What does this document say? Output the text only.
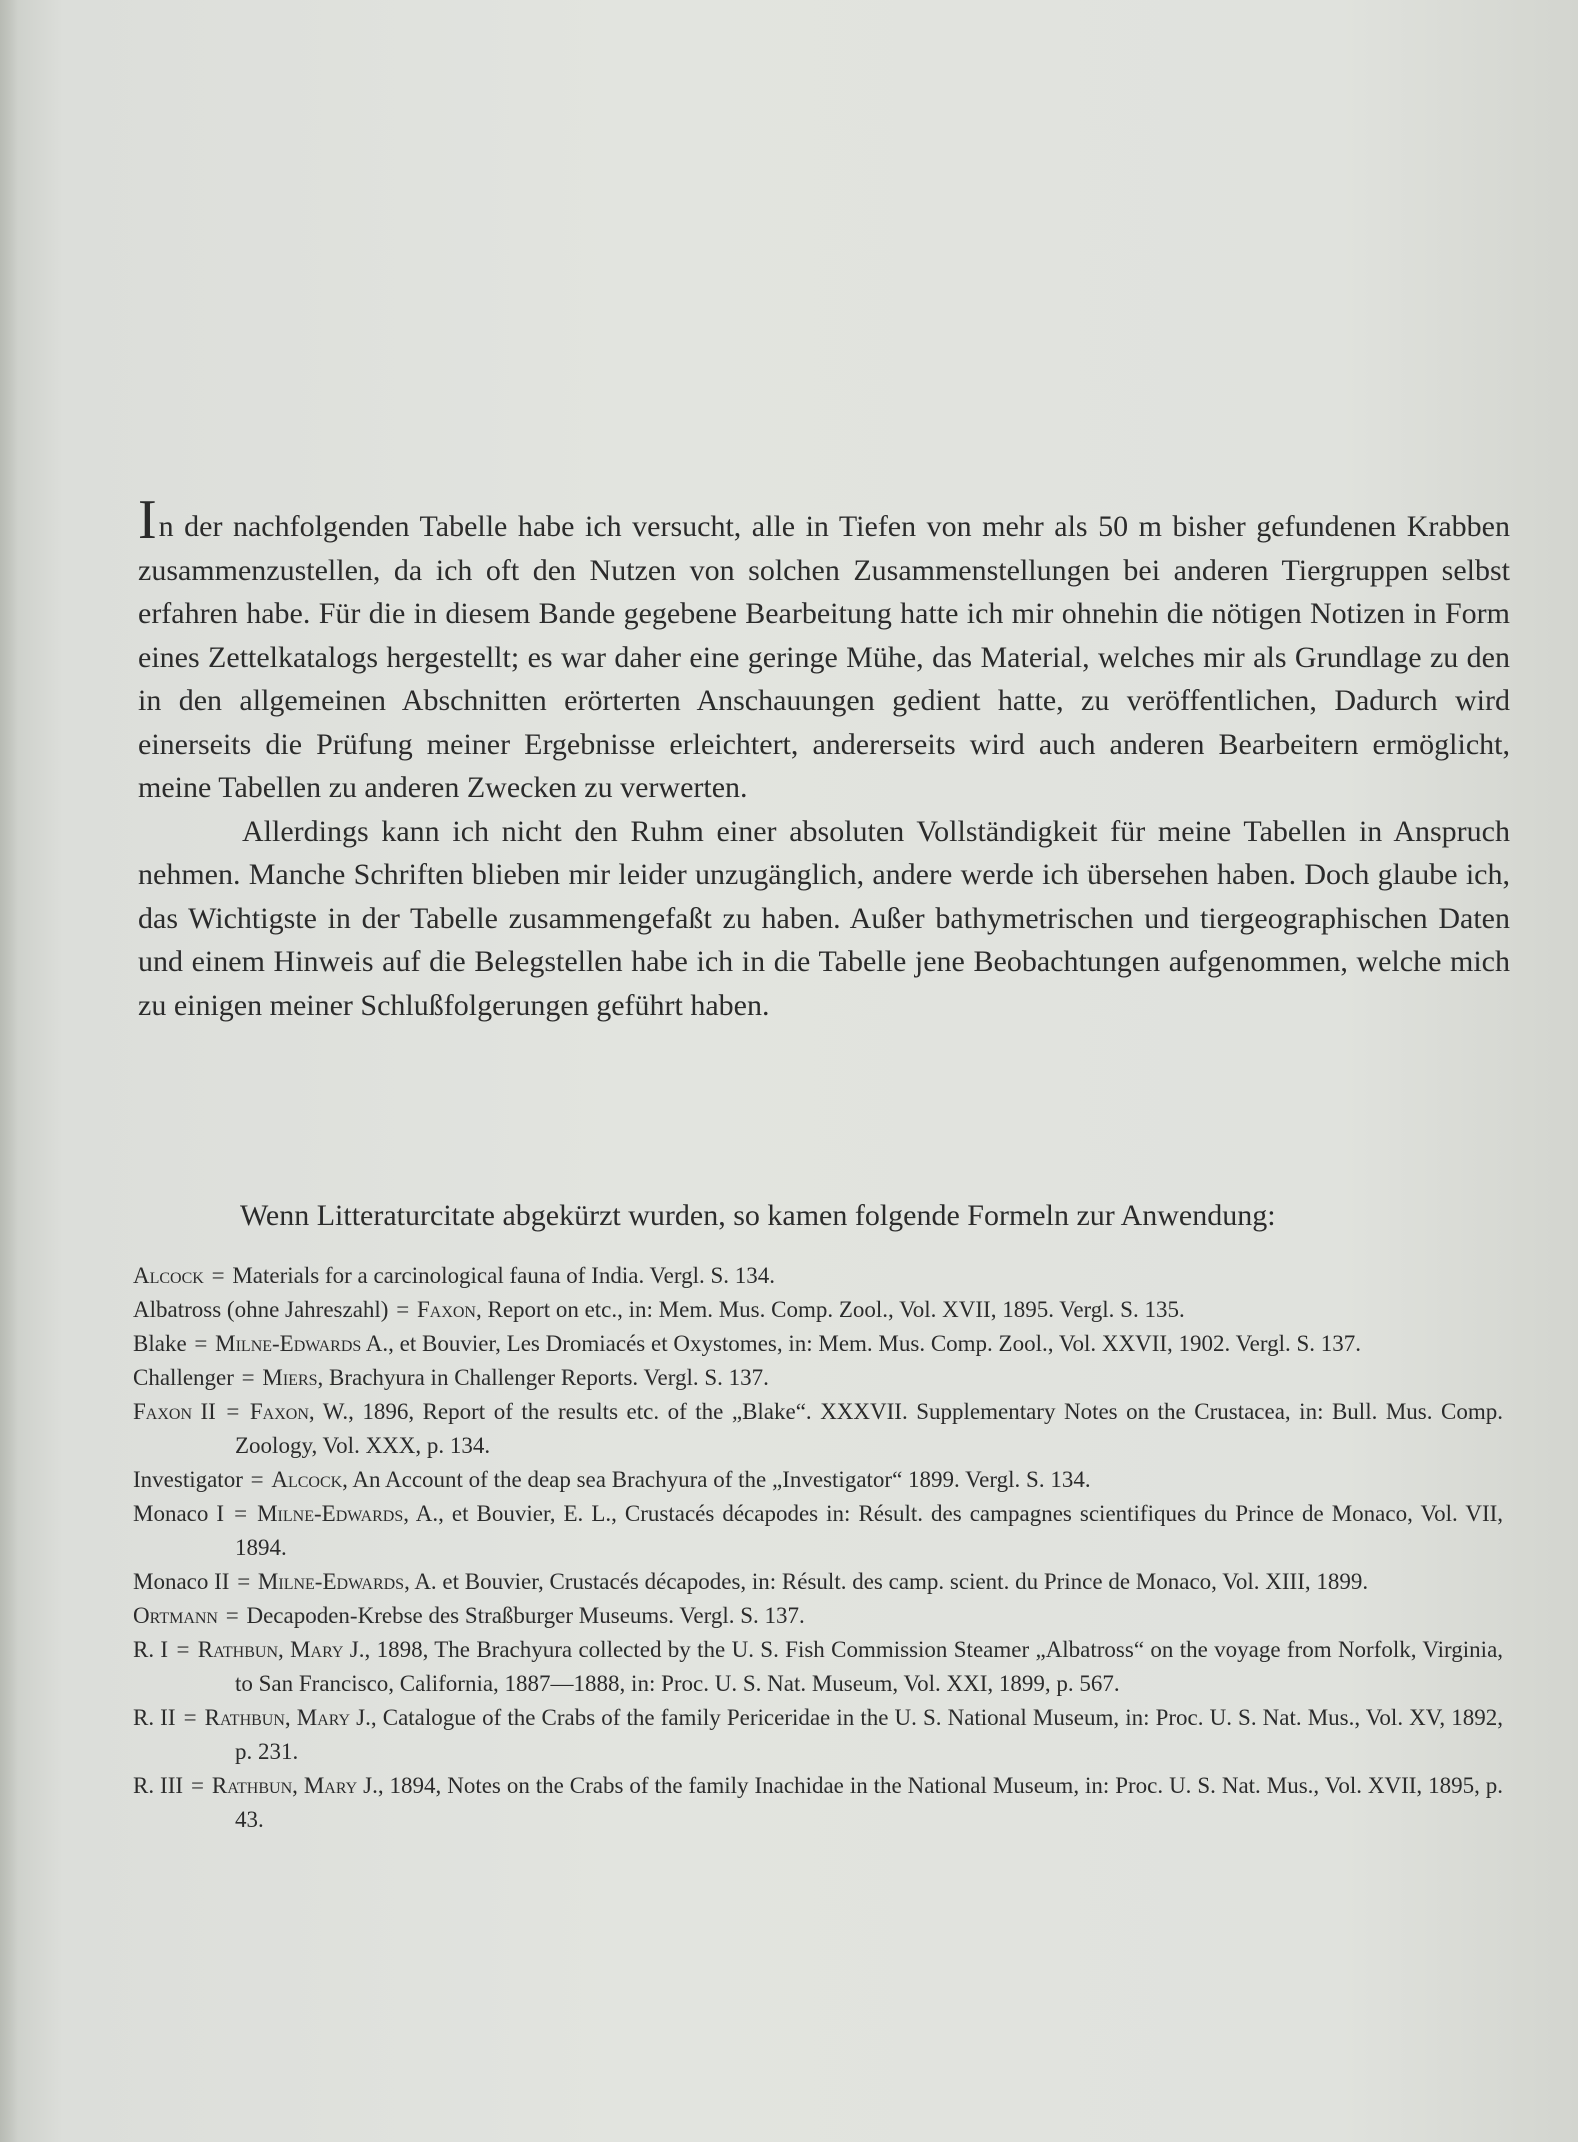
In der nachfolgenden Tabelle habe ich versucht, alle in Tiefen von mehr als 50 m bisher gefundenen Krabben zusammenzustellen, da ich oft den Nutzen von solchen Zusammenstellungen bei anderen Tiergruppen selbst erfahren habe. Für die in diesem Bande gegebene Bearbeitung hatte ich mir ohnehin die nötigen Notizen in Form eines Zettelkatalogs hergestellt; es war daher eine geringe Mühe, das Material, welches mir als Grundlage zu den in den allgemeinen Abschnitten erörterten Anschauungen gedient hatte, zu veröffentlichen, Dadurch wird einerseits die Prüfung meiner Ergebnisse erleichtert, andererseits wird auch anderen Bearbeitern ermöglicht, meine Tabellen zu anderen Zwecken zu verwerten.

Allerdings kann ich nicht den Ruhm einer absoluten Vollständigkeit für meine Tabellen in Anspruch nehmen. Manche Schriften blieben mir leider unzugänglich, andere werde ich übersehen haben. Doch glaube ich, das Wichtigste in der Tabelle zusammengefaßt zu haben. Außer bathymetrischen und tiergeographischen Daten und einem Hinweis auf die Belegstellen habe ich in die Tabelle jene Beobachtungen aufgenommen, welche mich zu einigen meiner Schlußfolgerungen geführt haben.

Wenn Litteraturcitate abgekürzt wurden, so kamen folgende Formeln zur Anwendung:

Alcock = Materials for a carcinological fauna of India. Vergl. S. 134.

Albatross (ohne Jahreszahl) = Faxon, Report on etc., in: Mem. Mus. Comp. Zool., Vol. XVII, 1895. Vergl. S. 135.

Blake = Milne-Edwards A., et Bouvier, Les Dromiacés et Oxystomes, in: Mem. Mus. Comp. Zool., Vol. XXVII, 1902. Vergl. S. 137.

Challenger = Miers, Brachyura in Challenger Reports. Vergl. S. 137.

Faxon II = Faxon, W., 1896, Report of the results etc. of the „Blake“. XXXVII. Supplementary Notes on the Crustacea, in: Bull. Mus. Comp. Zoology, Vol. XXX, p. 134.

Investigator = Alcock, An Account of the deap sea Brachyura of the „Investigator“ 1899. Vergl. S. 134.

Monaco I = Milne-Edwards, A., et Bouvier, E. L., Crustacés décapodes in: Résult. des campagnes scientifiques du Prince de Monaco, Vol. VII, 1894.

Monaco II = Milne-Edwards, A. et Bouvier, Crustacés décapodes, in: Résult. des camp. scient. du Prince de Monaco, Vol. XIII, 1899.

Ortmann = Decapoden-Krebse des Straßburger Museums. Vergl. S. 137.

R. I = Rathbun, Mary J., 1898, The Brachyura collected by the U. S. Fish Commission Steamer „Albatross“ on the voyage from Norfolk, Virginia, to San Francisco, California, 1887—1888, in: Proc. U. S. Nat. Museum, Vol. XXI, 1899, p. 567.

R. II = Rathbun, Mary J., Catalogue of the Crabs of the family Periceridae in the U. S. National Museum, in: Proc. U. S. Nat. Mus., Vol. XV, 1892, p. 231.

R. III = Rathbun, Mary J., 1894, Notes on the Crabs of the family Inachidae in the National Museum, in: Proc. U. S. Nat. Mus., Vol. XVII, 1895, p. 43.
